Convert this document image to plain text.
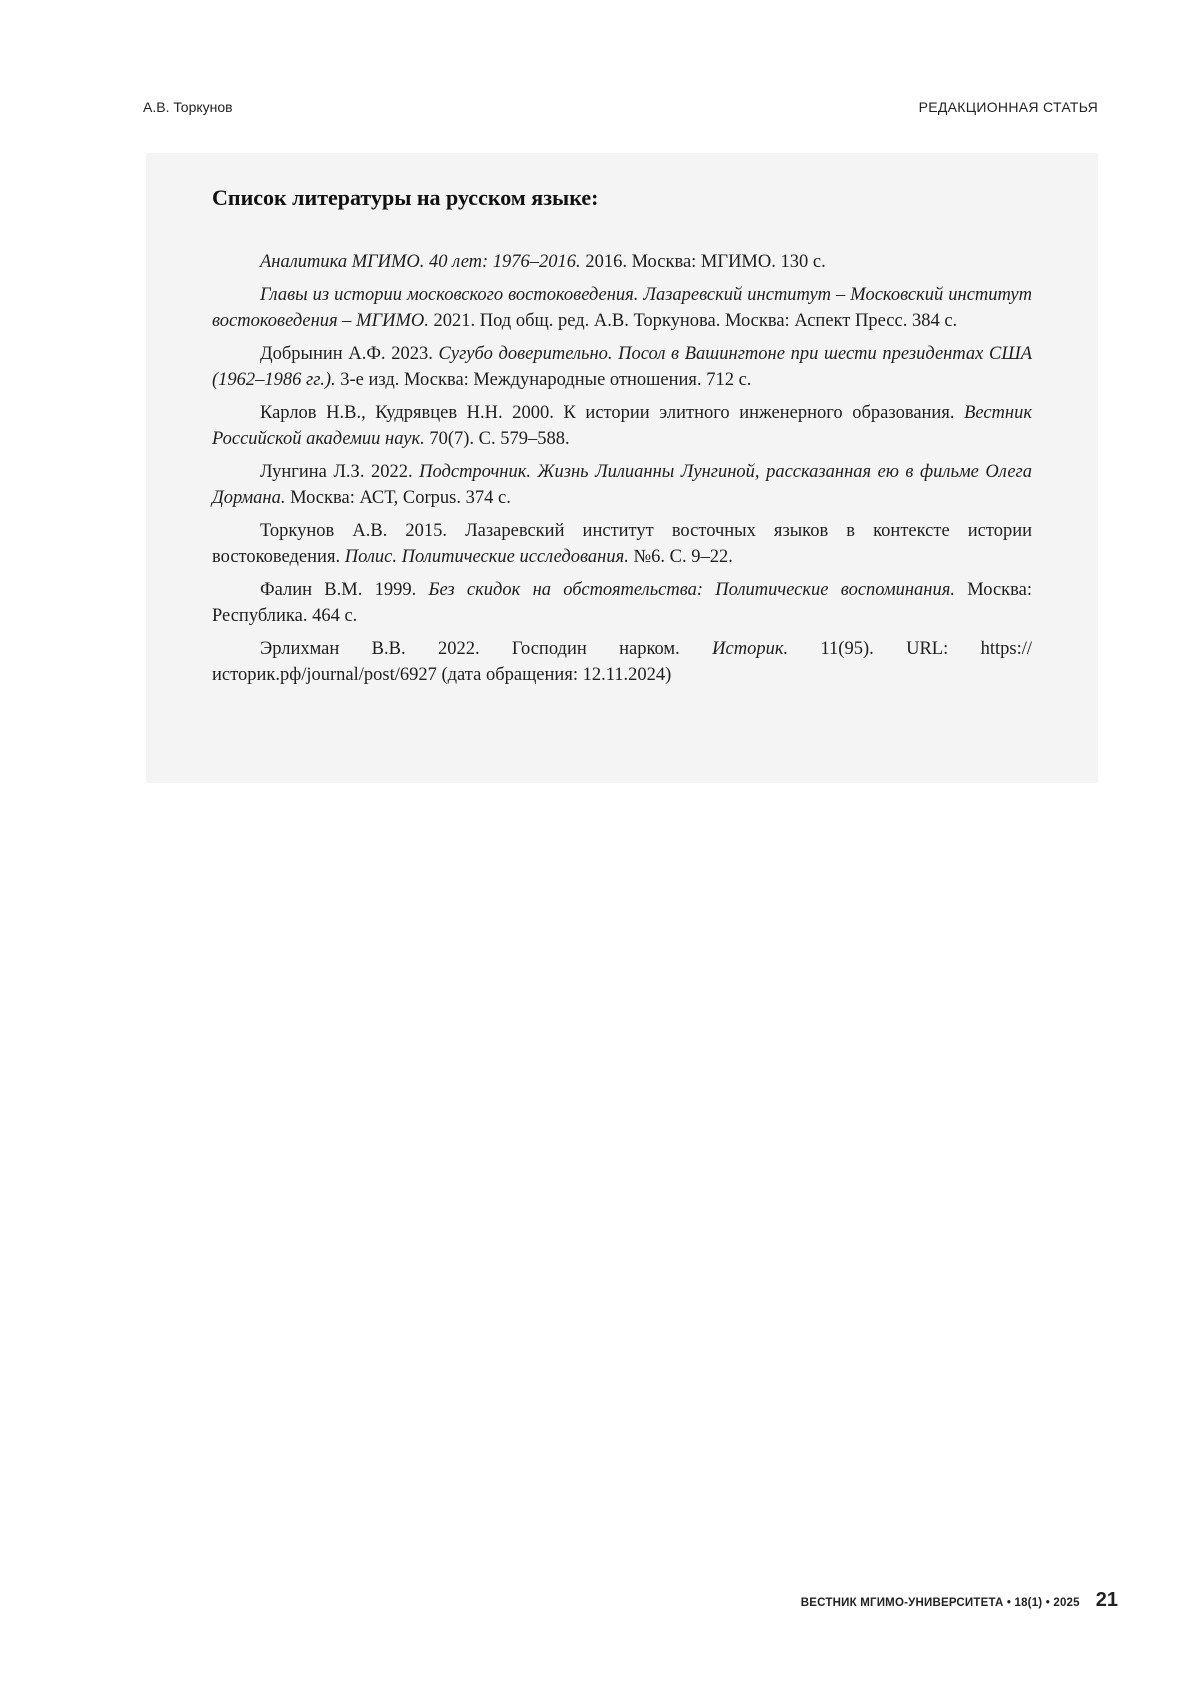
А.В. Торкунов	РЕДАКЦИОННАЯ СТАТЬЯ
Список литературы на русском языке:

Аналитика МГИМО. 40 лет: 1976–2016. 2016. Москва: МГИМО. 130 с.

Главы из истории московского востоковедения. Лазаревский институт – Московский институт востоковедения – МГИМО. 2021. Под общ. ред. А.В. Торкунова. Москва: Аспект Пресс. 384 с.

Добрынин А.Ф. 2023. Сугубо доверительно. Посол в Вашингтоне при шести президентах США (1962–1986 гг.). 3-е изд. Москва: Международные отношения. 712 с.

Карлов Н.В., Кудрявцев Н.Н. 2000. К истории элитного инженерного образования. Вестник Российской академии наук. 70(7). С. 579–588.

Лунгина Л.З. 2022. Подстрочник. Жизнь Лилианны Лунгиной, рассказанная ею в фильме Олега Дормана. Москва: АСТ, Corpus. 374 с.

Торкунов А.В. 2015. Лазаревский институт восточных языков в контексте истории востоковедения. Полис. Политические исследования. №6. С. 9–22.

Фалин В.М. 1999. Без скидок на обстоятельства: Политические воспоминания. Москва: Республика. 464 с.

Эрлихман В.В. 2022. Господин нарком. Историк. 11(95). URL: https://историк.рф/journal/post/6927 (дата обращения: 12.11.2024)

ВЕСТНИК МГИМО-УНИВЕРСИТЕТА • 18(1) • 2025 21
